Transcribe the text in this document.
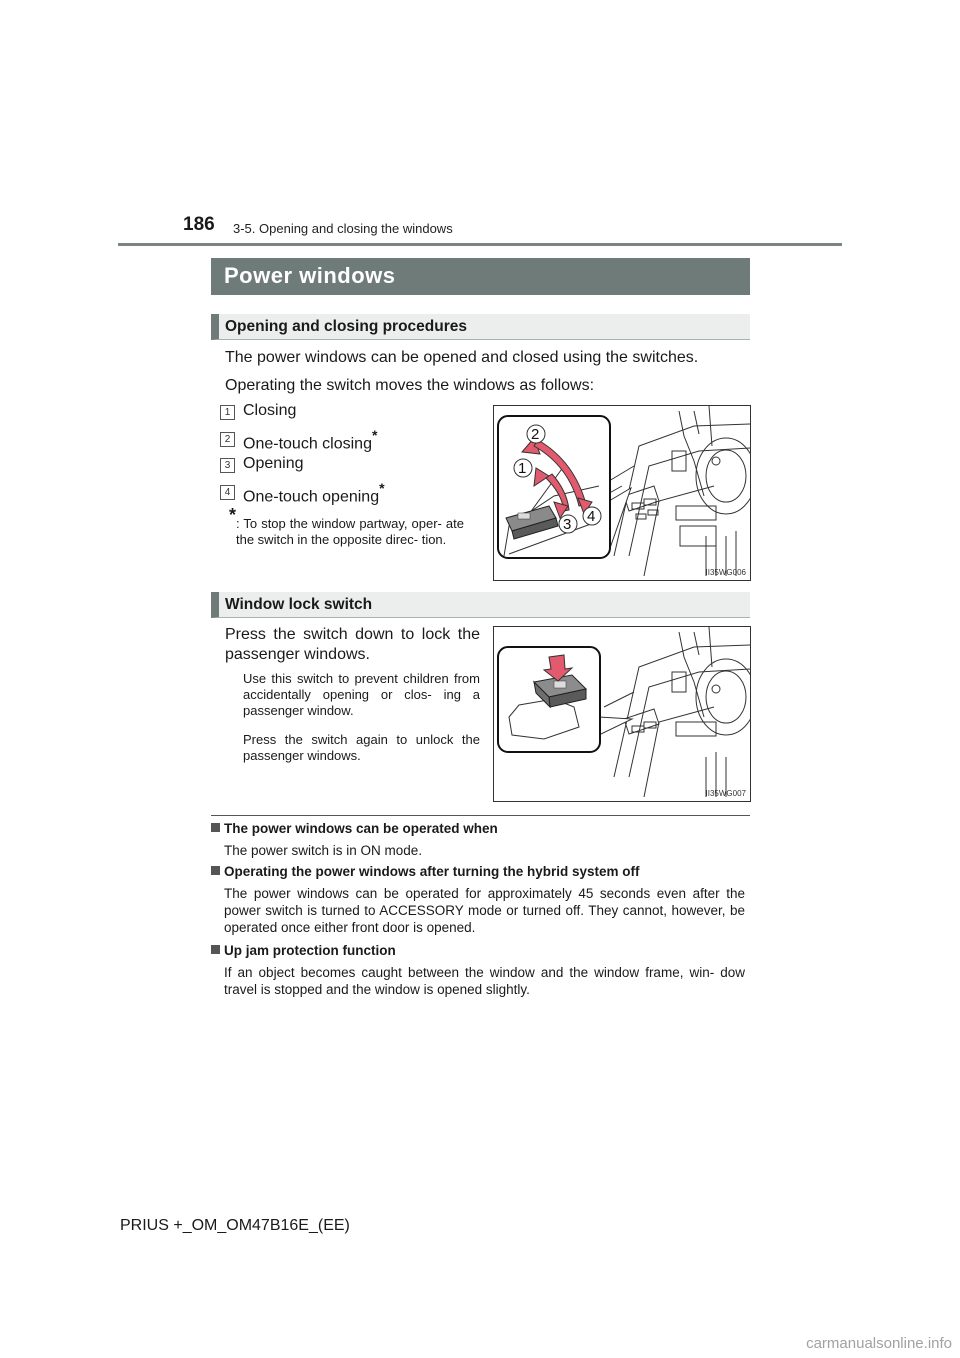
186 3-5. Opening and closing the windows
Power windows
Opening and closing procedures
The power windows can be opened and closed using the switches.
Operating the switch moves the windows as follows:
1 Closing
2 One-touch closing*
3 Opening
4 One-touch opening*
* : To stop the window partway, oper- ate the switch in the opposite direc- tion.
2
1
3 4
II35WG006
Window lock switch
Press the switch down to lock the passenger windows.
Use this switch to prevent children from accidentally opening or clos- ing a passenger window.
Press the switch again to unlock the passenger windows.
II35WG007
The power windows can be operated when
The power switch is in ON mode.
Operating the power windows after turning the hybrid system off
The power windows can be operated for approximately 45 seconds even after the power switch is turned to ACCESSORY mode or turned off. They cannot, however, be operated once either front door is opened.
Up jam protection function
If an object becomes caught between the window and the window frame, win- dow travel is stopped and the window is opened slightly.
PRIUS +_OM_OM47B16E_(EE)
carmanualsonline.info
